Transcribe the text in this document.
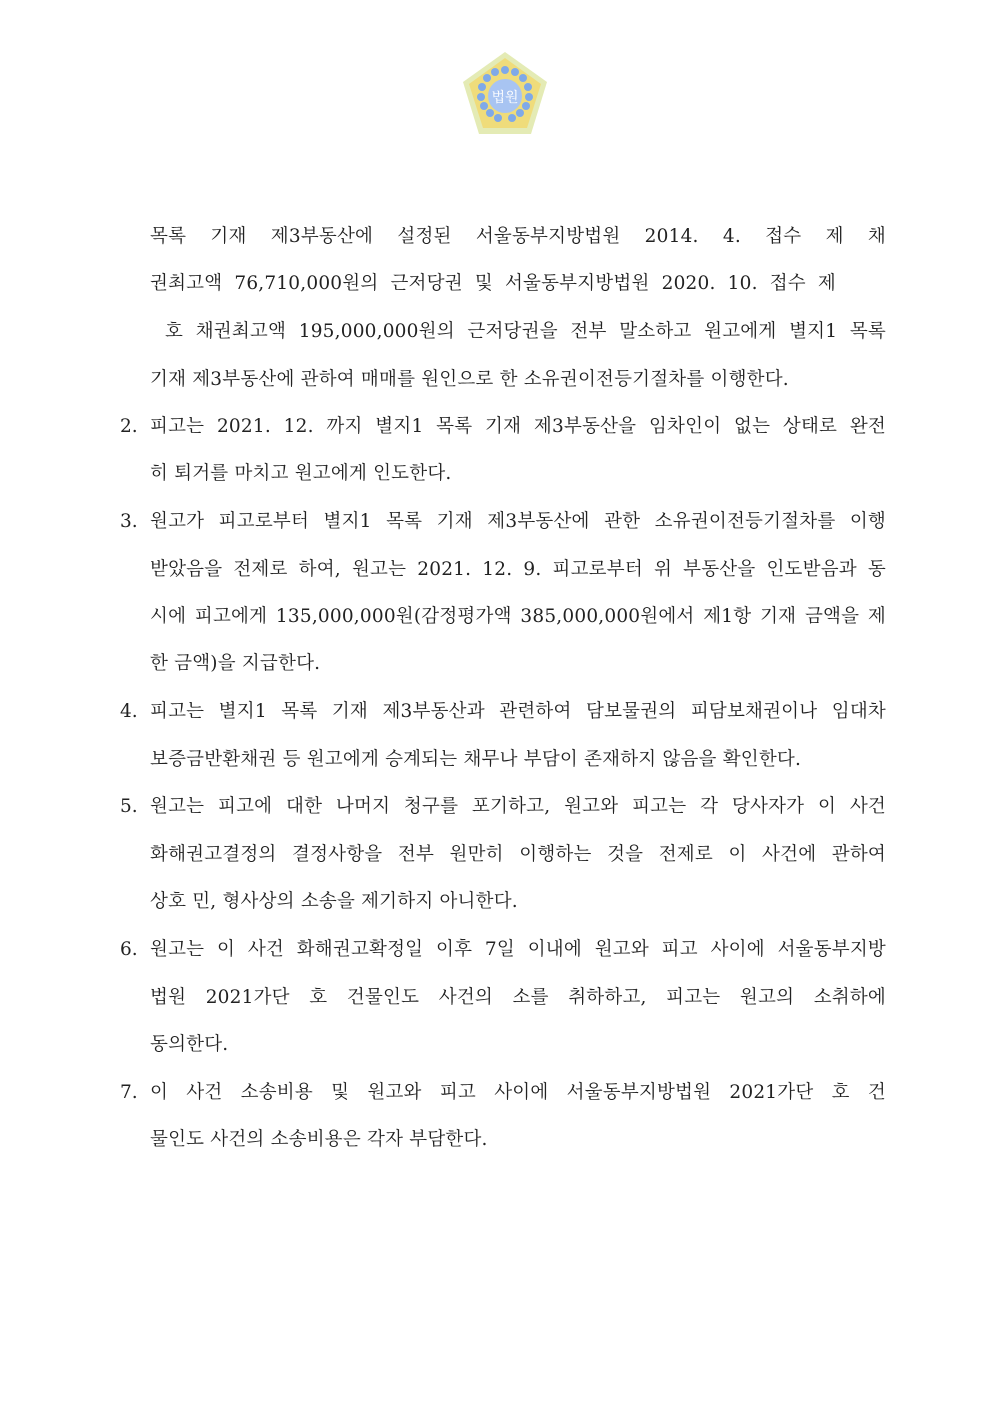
법원
목록 기재 제3부동산에 설정된 서울동부지방법원 2014. 4. 접수 제 채
권최고액 76,710,000원의 근저당권 및 서울동부지방법원 2020. 10. 접수 제
호 채권최고액 195,000,000원의 근저당권을 전부 말소하고 원고에게 별지1 목록
기재 제3부동산에 관하여 매매를 원인으로 한 소유권이전등기절차를 이행한다.
2. 피고는 2021. 12. 까지 별지1 목록 기재 제3부동산을 임차인이 없는 상태로 완전
히 퇴거를 마치고 원고에게 인도한다.
3. 원고가 피고로부터 별지1 목록 기재 제3부동산에 관한 소유권이전등기절차를 이행
받았음을 전제로 하여, 원고는 2021. 12. 9. 피고로부터 위 부동산을 인도받음과 동
시에 피고에게 135,000,000원(감정평가액 385,000,000원에서 제1항 기재 금액을 제
한 금액)을 지급한다.
4. 피고는 별지1 목록 기재 제3부동산과 관련하여 담보물권의 피담보채권이나 임대차
보증금반환채권 등 원고에게 승계되는 채무나 부담이 존재하지 않음을 확인한다.
5. 원고는 피고에 대한 나머지 청구를 포기하고, 원고와 피고는 각 당사자가 이 사건
화해권고결정의 결정사항을 전부 원만히 이행하는 것을 전제로 이 사건에 관하여
상호 민, 형사상의 소송을 제기하지 아니한다.
6. 원고는 이 사건 화해권고확정일 이후 7일 이내에 원고와 피고 사이에 서울동부지방
법원 2021가단 호 건물인도 사건의 소를 취하하고, 피고는 원고의 소취하에
동의한다.
7. 이 사건 소송비용 및 원고와 피고 사이에 서울동부지방법원 2021가단 호 건
물인도 사건의 소송비용은 각자 부담한다.
